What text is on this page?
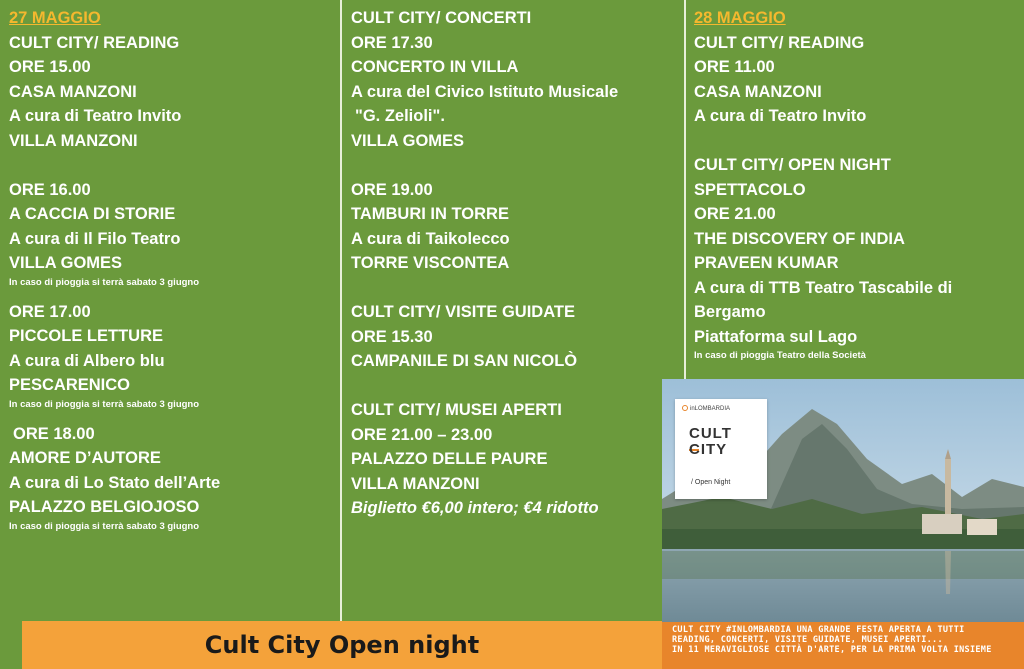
27 MAGGIO
CULT CITY/ READING
ORE 15.00
CASA MANZONI
A cura di Teatro Invito
VILLA MANZONI
ORE 16.00
A CACCIA DI STORIE
A cura di Il Filo Teatro
VILLA GOMES
In caso di pioggia si terrà sabato 3 giugno
ORE 17.00
PICCOLE LETTURE
A cura di Albero blu
PESCARENICO
In caso di pioggia si terrà sabato 3 giugno
ORE 18.00
AMORE D’AUTORE
A cura di Lo Stato dell’Arte
PALAZZO BELGIOJOSO
In caso di pioggia si terrà sabato 3 giugno
CULT CITY/ CONCERTI
ORE 17.30
CONCERTO IN VILLA
A cura del Civico Istituto Musicale
"G. Zelioli".
VILLA GOMES
ORE 19.00
TAMBURI IN TORRE
A cura di Taikolecco
TORRE VISCONTEA
CULT CITY/ VISITE GUIDATE
ORE 15.30
CAMPANILE DI SAN NICOLÒ
CULT CITY/ MUSEI APERTI
ORE 21.00 – 23.00
PALAZZO DELLE PAURE
VILLA MANZONI
Biglietto €6,00 intero; €4 ridotto
28 MAGGIO
CULT CITY/ READING
ORE 11.00
CASA MANZONI
A cura di Teatro Invito
CULT CITY/ OPEN NIGHT
SPETTACOLO
ORE 21.00
THE DISCOVERY OF INDIA
PRAVEEN KUMAR
A cura di TTB Teatro Tascabile di
Bergamo
Piattaforma sul Lago
In caso di pioggia Teatro della Società
inLOMBARDIA
CULT
CITY
/ Open Night
CULT CITY #INLOMBARDIA UNA GRANDE FESTA APERTA A TUTTI
READING, CONCERTI, VISITE GUIDATE, MUSEI APERTI...
IN 11 MERAVIGLIOSE CITTÀ D'ARTE, PER LA PRIMA VOLTA INSIEME
Cult City Open night
